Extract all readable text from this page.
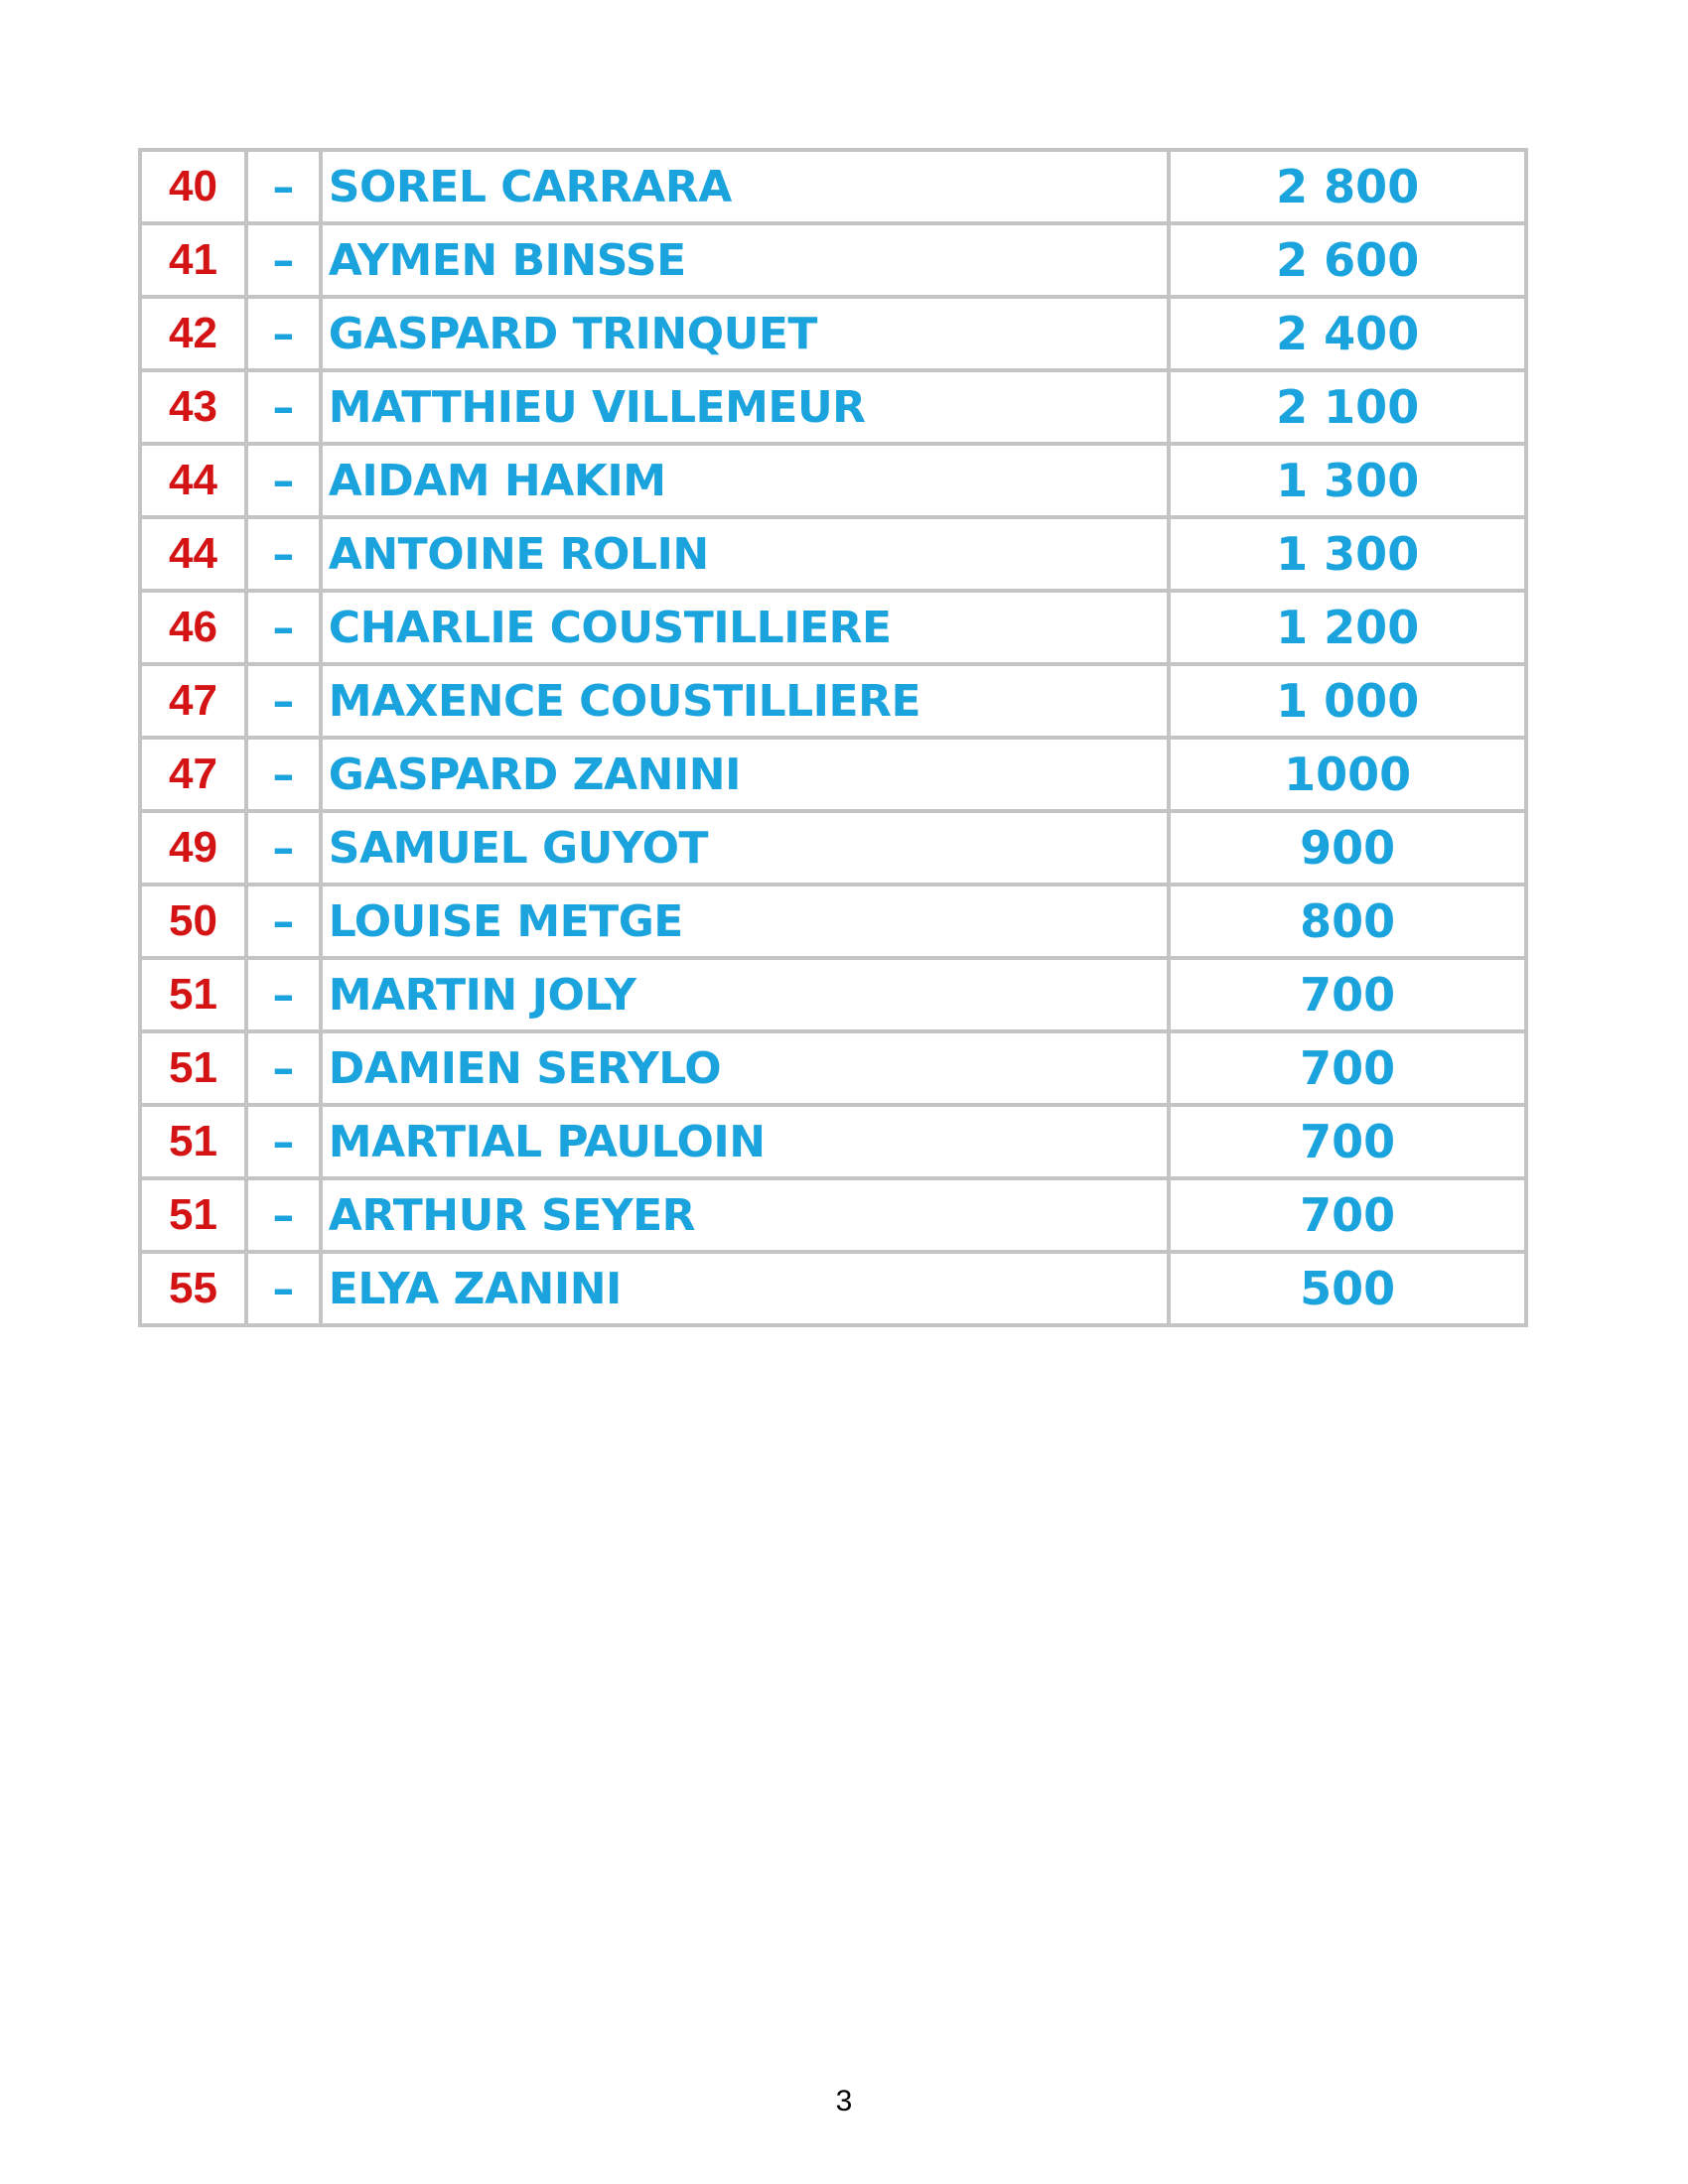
40	–	SOREL CARRARA	2 800
41	–	AYMEN BINSSE	2 600
42	–	GASPARD TRINQUET	2 400
43	–	MATTHIEU VILLEMEUR	2 100
44	–	AIDAM HAKIM	1 300
44	–	ANTOINE ROLIN	1 300
46	–	CHARLIE COUSTILLIERE	1 200
47	–	MAXENCE COUSTILLIERE	1 000
47	–	GASPARD ZANINI	1000
49	–	SAMUEL GUYOT	900
50	–	LOUISE METGE	800
51	–	MARTIN JOLY	700
51	–	DAMIEN SERYLO	700
51	–	MARTIAL PAULOIN	700
51	–	ARTHUR SEYER	700
55	–	ELYA ZANINI	500
3
